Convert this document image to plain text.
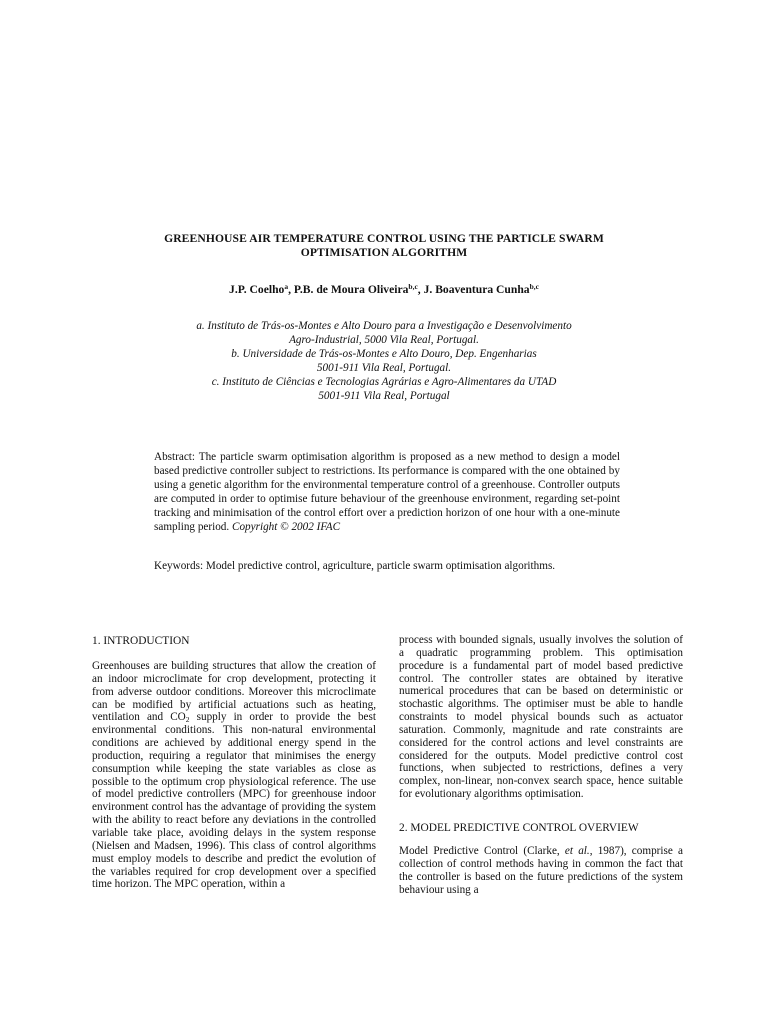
GREENHOUSE AIR TEMPERATURE CONTROL USING THE PARTICLE SWARM
OPTIMISATION ALGORITHM
J.P. Coelho$^a$, P.B. de Moura Oliveira$^{b,c}$, J. Boaventura Cunha$^{b,c}$
a. Instituto de Trás-os-Montes e Alto Douro para a Investigação e Desenvolvimento
Agro-Industrial, 5000 Vila Real, Portugal.
b. Universidade de Trás-os-Montes e Alto Douro, Dep. Engenharias
5001-911 Vila Real, Portugal.
c. Instituto de Ciências e Tecnologias Agrárias e Agro-Alimentares da UTAD
5001-911 Vila Real, Portugal
Abstract: The particle swarm optimisation algorithm is proposed as a new method to design a model based predictive controller subject to restrictions. Its performance is compared with the one obtained by using a genetic algorithm for the environmental temperature control of a greenhouse. Controller outputs are computed in order to optimise future behaviour of the greenhouse environment, regarding set-point tracking and minimisation of the control effort over a prediction horizon of one hour with a one-minute sampling period. Copyright © 2002 IFAC
Keywords: Model predictive control, agriculture, particle swarm optimisation algorithms.

1. INTRODUCTION

Greenhouses are building structures that allow the creation of an indoor microclimate for crop development, protecting it from adverse outdoor conditions. Moreover this microclimate can be modified by artificial actuations such as heating, ventilation and $CO_2$ supply in order to provide the best environmental conditions. This non-natural environmental conditions are achieved by additional energy spend in the production, requiring a regulator that minimises the energy consumption while keeping the state variables as close as possible to the optimum crop physiological reference. The use of model predictive controllers (MPC) for greenhouse indoor environment control has the advantage of providing the system with the ability to react before any deviations in the controlled variable take place, avoiding delays in the system response (Nielsen and Madsen, 1996). This class of control algorithms must employ models to describe and predict the evolution of the variables required for crop development over a specified time horizon. The MPC operation, within a

process with bounded signals, usually involves the solution of a quadratic programming problem. This optimisation procedure is a fundamental part of model based predictive control. The controller states are obtained by iterative numerical procedures that can be based on deterministic or stochastic algorithms. The optimiser must be able to handle constraints to model physical bounds such as actuator saturation. Commonly, magnitude and rate constraints are considered for the control actions and level constraints are considered for the outputs. Model predictive control cost functions, when subjected to restrictions, defines a very complex, non-linear, non-convex search space, hence suitable for evolutionary algorithms optimisation.

2. MODEL PREDICTIVE CONTROL OVERVIEW

Model Predictive Control (Clarke, et al., 1987), comprise a collection of control methods having in common the fact that the controller is based on the future predictions of the system behaviour using a
